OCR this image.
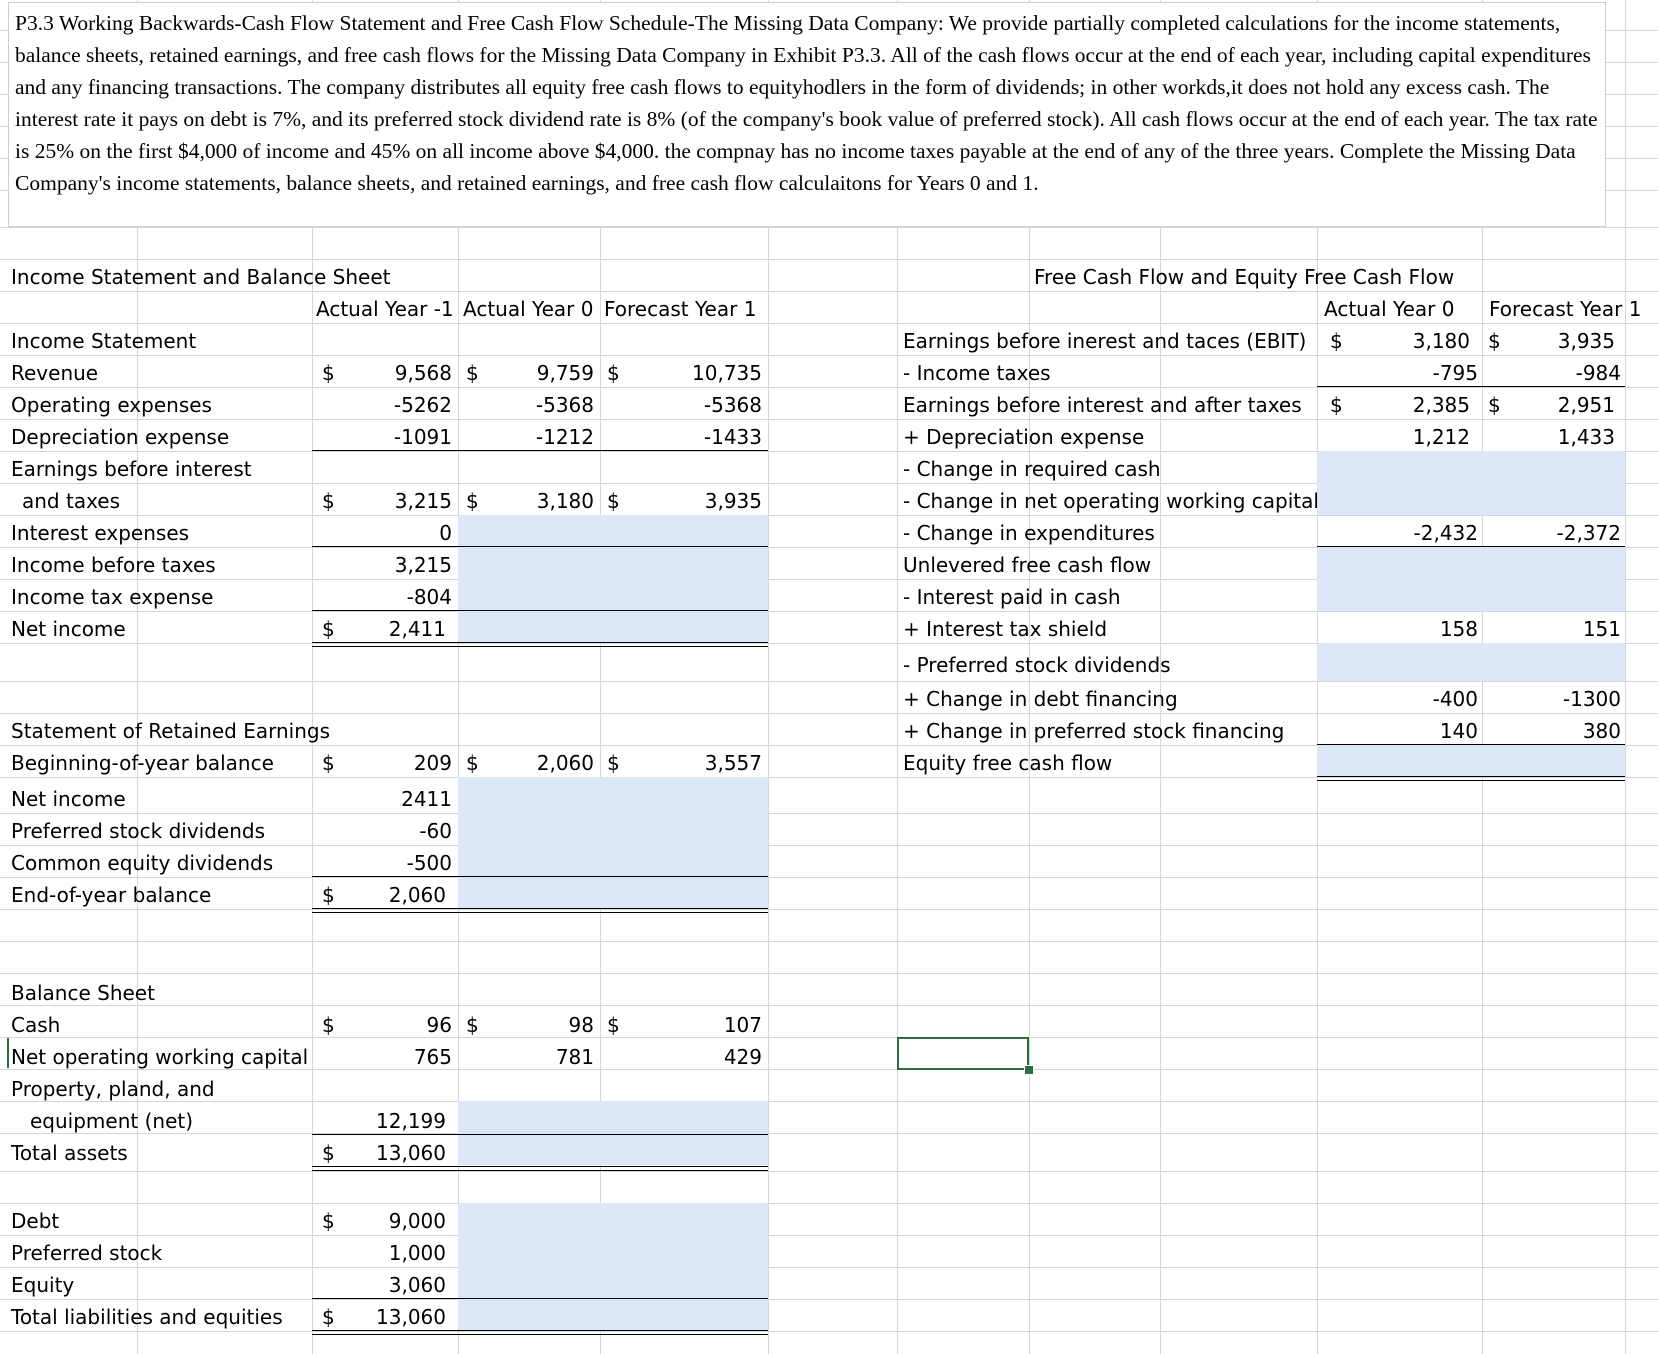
P3.3 Working Backwards-Cash Flow Statement and Free Cash Flow Schedule-The Missing Data Company: We provide partially completed calculations for the income statements, balance sheets, retained earnings, and free cash flows for the Missing Data Company in Exhibit P3.3. All of the cash flows occur at the end of each year, including capital expenditures and any financing transactions. The company distributes all equity free cash flows to equityhodlers in the form of dividends; in other workds,it does not hold any excess cash. The interest rate it pays on debt is 7%, and its preferred stock dividend rate is 8% (of the company's book value of preferred stock). All cash flows occur at the end of each year. The tax rate is 25% on the first $4,000 of income and 45% on all income above $4,000. the compnay has no income taxes payable at the end of any of the three years. Complete the Missing Data Company's income statements, balance sheets, and retained earnings, and free cash flow calculaitons for Years 0 and 1.
Income Statement and Balance Sheet
Actual Year -1 Actual Year 0 Forecast Year 1
Income Statement
Revenue	$	9,568 $	9,759 $	10,735
Operating expenses	-5262	-5368	-5368
Depreciation expense	-1091	-1212	-1433
Earnings before interest
and taxes	$	3,215 $	3,180 $	3,935
Interest expenses	0
Income before taxes	3,215
Income tax expense	-804
Net income	$	2,411
Statement of Retained Earnings
Beginning-of-year balance $	209 $	2,060 $	3,557
Net income	2411
Preferred stock dividends	-60
Common equity dividends	-500
End-of-year balance	$	2,060
Balance Sheet
Cash	$	96 $	98 $	107
Net operating working capital	765	781	429
Property, pland, and
equipment (net)	12,199
Total assets	$	13,060
Debt	$	9,000
Preferred stock	1,000
Equity	3,060
Total liabilities and equities $	13,060
Free Cash Flow and Equity Free Cash Flow
Actual Year 0 Forecast Year 1
Earnings before inerest and taces (EBIT) $	3,180 $	3,935
- Income taxes	-795	-984
Earnings before interest and after taxes $	2,385 $	2,951
+ Depreciation expense	1,212	1,433
- Change in required cash
- Change in net operating working capital
- Change in expenditures	-2,432	-2,372
Unlevered free cash flow
- Interest paid in cash
+ Interest tax shield	158	151
- Preferred stock dividends
+ Change in debt financing	-400	-1300
+ Change in preferred stock financing	140	380
Equity free cash flow
